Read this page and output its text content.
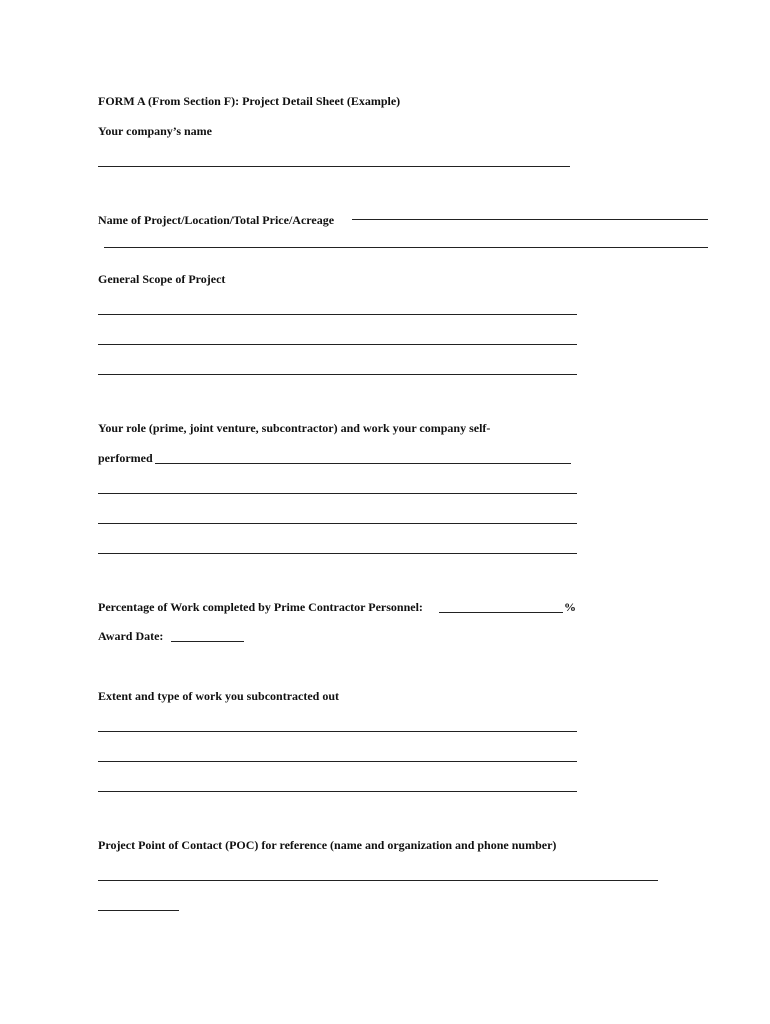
FORM A (From Section F): Project Detail Sheet (Example)
Your company’s name
Name of Project/Location/Total Price/Acreage
General Scope of Project
Your role (prime, joint venture, subcontractor) and work your company self-
performed
Percentage of Work completed by Prime Contractor Personnel:	%
Award Date:
Extent and type of work you subcontracted out
Project Point of Contact (POC) for reference (name and organization and phone number)
